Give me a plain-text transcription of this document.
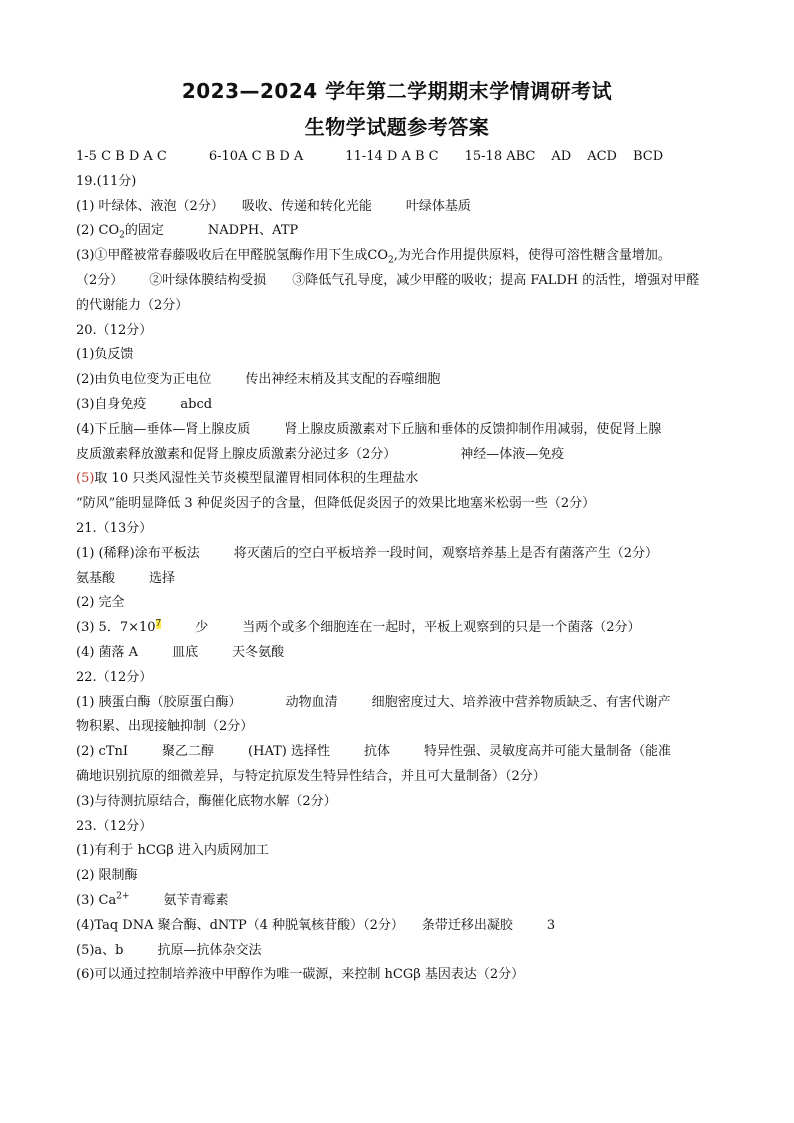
2023—2024 学年第二学期期末学情调研考试
生物学试题参考答案
1-5 C B D A C	6-10A C B D A	11-14 D A B C 15-18 ABC AD ACD BCD
19.(11分)
(1) 叶绿体、液泡（2分） 吸收、传递和转化光能	叶绿体基质
(2) $CO_2$的固定	NADPH、ATP
(3)①甲醛被常春藤吸收后在甲醛脱氢酶作用下生成$CO_2$,为光合作用提供原料，使得可溶性糖含量增加。
（2分） ②叶绿体膜结构受损 ③降低气孔导度，减少甲醛的吸收；提高 FALDH 的活性，增强对甲醛
的代谢能力（2分）
20.（12分）
(1)负反馈
(2)由负电位变为正电位	传出神经末梢及其支配的吞噬细胞
(3)自身免疫	abcd
(4)下丘脑—垂体—肾上腺皮质	肾上腺皮质激素对下丘脑和垂体的反馈抑制作用减弱，使促肾上腺
皮质激素释放激素和促肾上腺皮质激素分泌过多（2分）	神经—体液—免疫
(5)取 10 只类风湿性关节炎模型鼠灌胃相同体积的生理盐水
“防风”能明显降低 3 种促炎因子的含量，但降低促炎因子的效果比地塞米松弱一些（2分）
21.（13分）
(1) (稀释)涂布平板法	将灭菌后的空白平板培养一段时间，观察培养基上是否有菌落产生（2分）
氨基酸	选择
(2) 完全
(3) 5．$7\times 10^7$	少	当两个或多个细胞连在一起时，平板上观察到的只是一个菌落（2分）
(4) 菌落 A	皿底	天冬氨酸
22.（12分）
(1) 胰蛋白酶（胶原蛋白酶）	动物血清	细胞密度过大、培养液中营养物质缺乏、有害代谢产
物积累、出现接触抑制（2分）
(2) cTnI	聚乙二醇	(HAT) 选择性	抗体	特异性强、灵敏度高并可能大量制备（能准
确地识别抗原的细微差异，与特定抗原发生特异性结合，并且可大量制备）（2分）
(3)与待测抗原结合，酶催化底物水解（2分）
23.（12分）
(1)有利于 hCGβ 进入内质网加工
(2) 限制酶
(3) $Ca^{2+}$	氨苄青霉素
(4)Taq DNA 聚合酶、dNTP（4 种脱氧核苷酸）（2分） 条带迁移出凝胶	3
(5)a、b	抗原—抗体杂交法
(6)可以通过控制培养液中甲醇作为唯一碳源，来控制 hCGβ 基因表达（2分）
